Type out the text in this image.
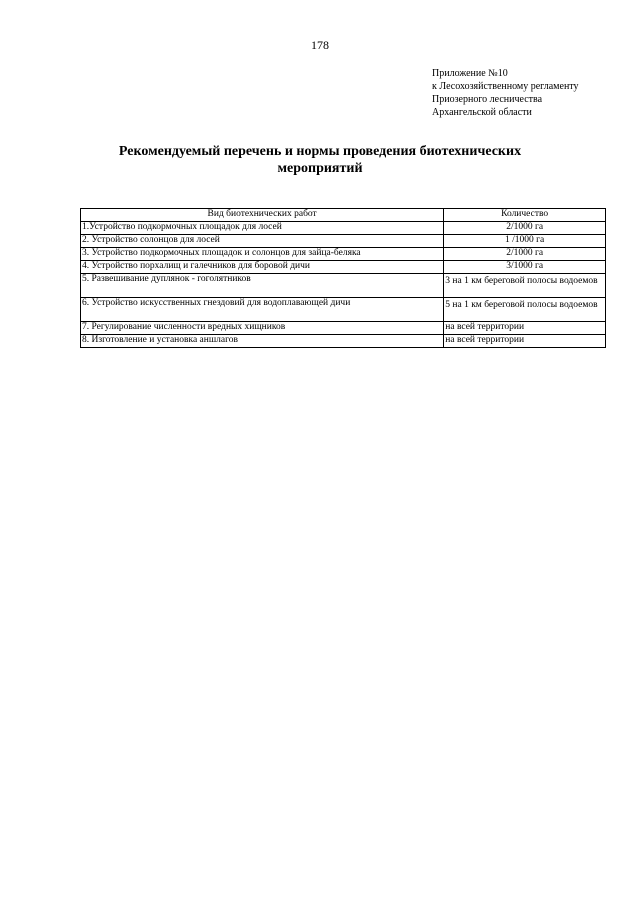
178
Приложение №10
к Лесохозяйственному регламенту
Приозерного лесничества
Архангельской области
Рекомендуемый перечень и нормы проведения биотехнических
мероприятий
Вид биотехнических работ	Количество
1.Устройство подкормочных площадок для лосей	2/1000 га
2. Устройство солонцов для лосей	1 /1000 га
3. Устройство подкормочных площадок и солонцов для зайца-беляка	2/1000 га
4. Устройство порхалищ и галечников для боровой дичи	3/1000 га
5. Развешивание дуплянок - гоголятников	3 на 1 км береговой полосы водоемов

6. Устройство искусственных гнездовий для водоплавающей дичи	5 на 1 км береговой полосы водоемов

7. Регулирование численности вредных хищников	на всей территории
8. Изготовление и установка аншлагов	на всей территории
